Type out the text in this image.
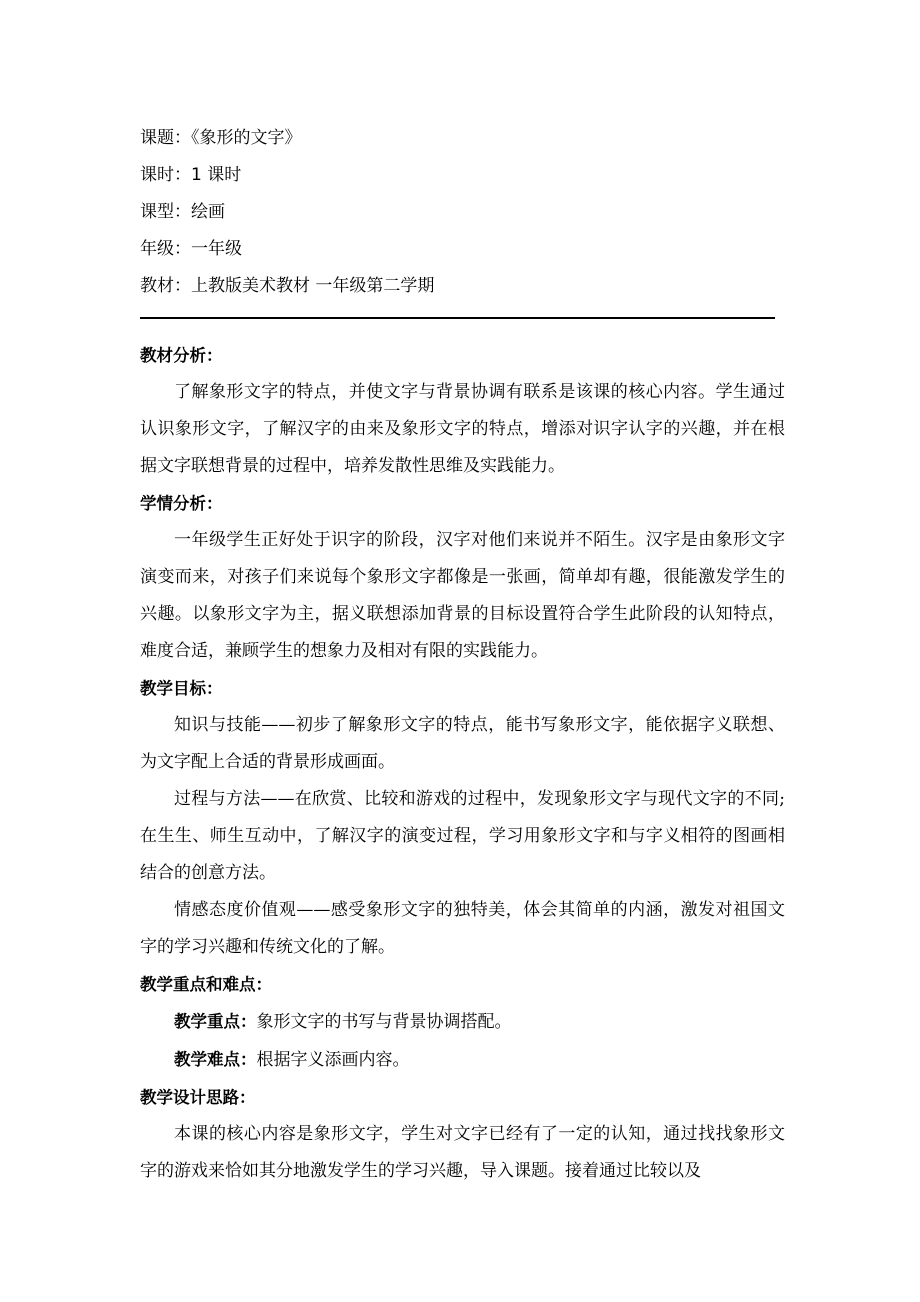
课题：《象形的文字》
课时：1 课时
课型：绘画
年级：一年级
教材：上教版美术教材 一年级第二学期
教材分析：

了解象形文字的特点，并使文字与背景协调有联系是该课的核心内容。学生通过认识象形文字，了解汉字的由来及象形文字的特点，增添对识字认字的兴趣，并在根据文字联想背景的过程中，培养发散性思维及实践能力。

学情分析：

一年级学生正好处于识字的阶段，汉字对他们来说并不陌生。汉字是由象形文字演变而来，对孩子们来说每个象形文字都像是一张画，简单却有趣，很能激发学生的兴趣。以象形文字为主，据义联想添加背景的目标设置符合学生此阶段的认知特点，难度合适，兼顾学生的想象力及相对有限的实践能力。

教学目标：

知识与技能——初步了解象形文字的特点，能书写象形文字，能依据字义联想、为文字配上合适的背景形成画面。

过程与方法——在欣赏、比较和游戏的过程中，发现象形文字与现代文字的不同;在生生、师生互动中，了解汉字的演变过程，学习用象形文字和与字义相符的图画相结合的创意方法。

情感态度价值观——感受象形文字的独特美，体会其简单的内涵，激发对祖国文字的学习兴趣和传统文化的了解。

教学重点和难点：

教学重点：象形文字的书写与背景协调搭配。

教学难点：根据字义添画内容。

教学设计思路：

本课的核心内容是象形文字，学生对文字已经有了一定的认知，通过找找象形文字的游戏来恰如其分地激发学生的学习兴趣，导入课题。接着通过比较以及
